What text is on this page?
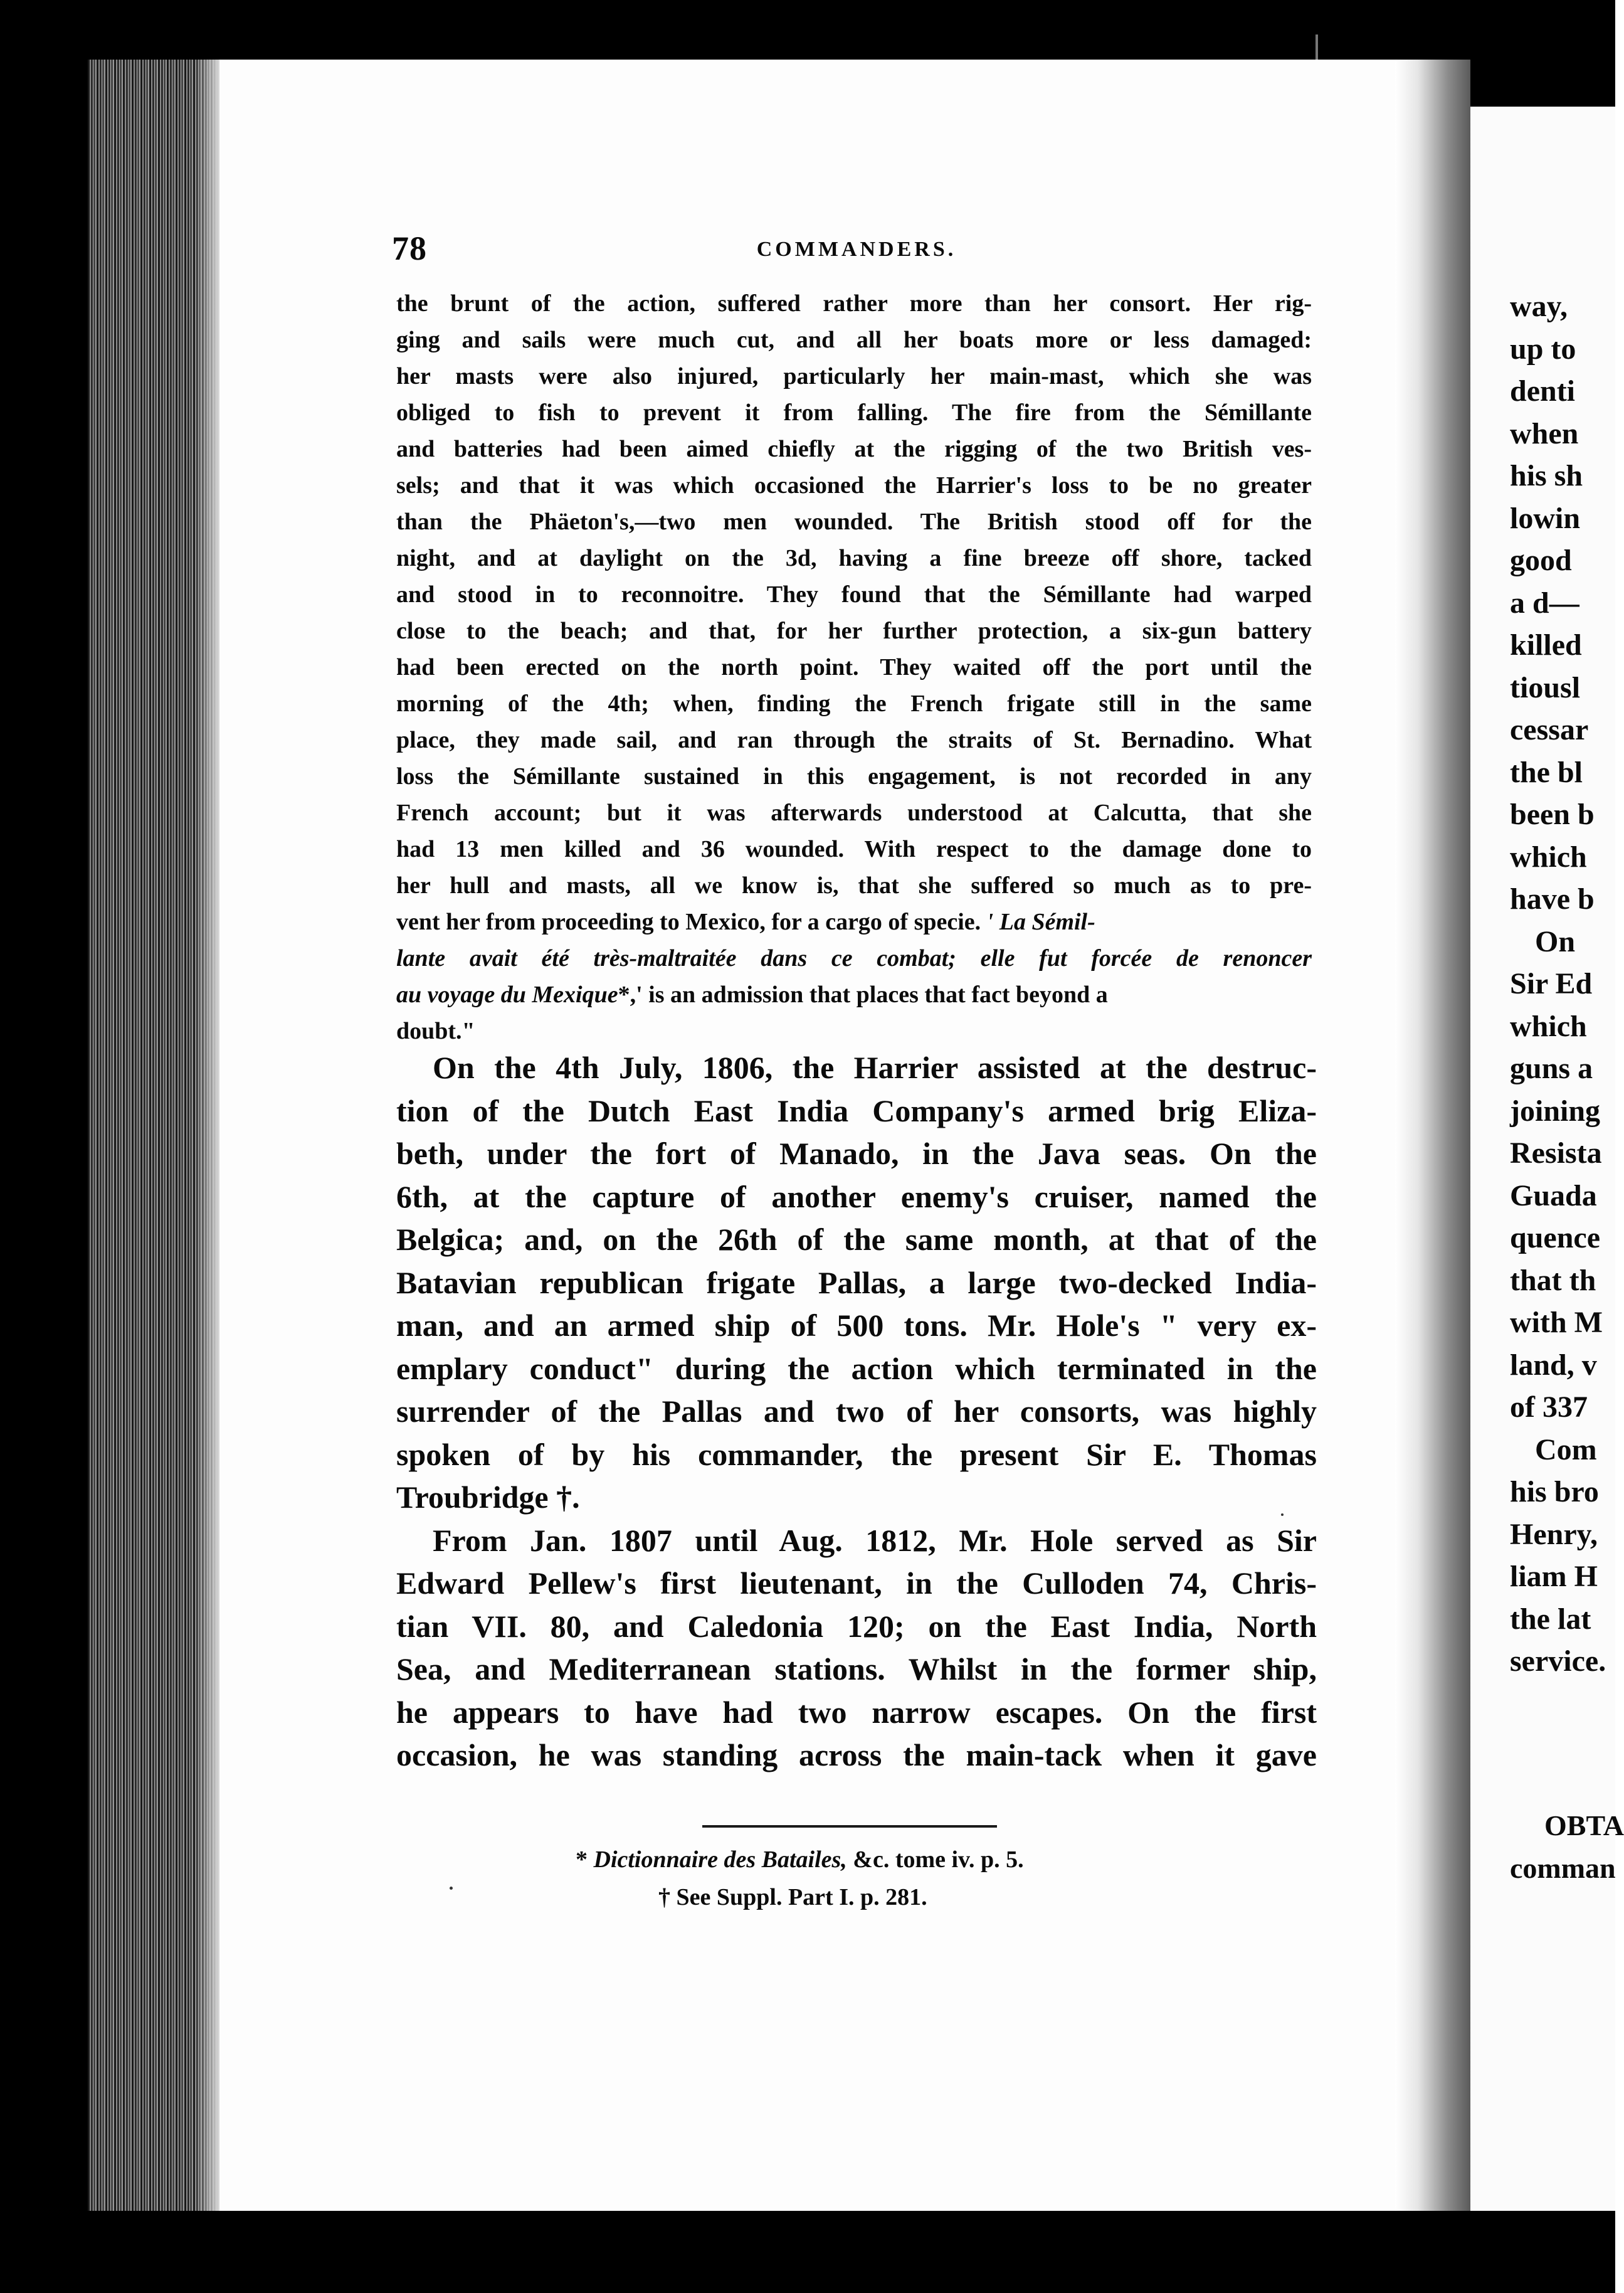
78	COMMANDERS.
the brunt of the action, suffered rather more than her consort. Her rig-
ging and sails were much cut, and all her boats more or less damaged:
her masts were also injured, particularly her main-mast, which she was
obliged to fish to prevent it from falling. The fire from the Sémillante
and batteries had been aimed chiefly at the rigging of the two British ves-
sels; and that it was which occasioned the Harrier's loss to be no greater
than the Phäeton's,—two men wounded. The British stood off for the
night, and at daylight on the 3d, having a fine breeze off shore, tacked
and stood in to reconnoitre. They found that the Sémillante had warped
close to the beach; and that, for her further protection, a six-gun battery
had been erected on the north point. They waited off the port until the
morning of the 4th; when, finding the French frigate still in the same
place, they made sail, and ran through the straits of St. Bernadino. What
loss the Sémillante sustained in this engagement, is not recorded in any
French account; but it was afterwards understood at Calcutta, that she
had 13 men killed and 36 wounded. With respect to the damage done to
her hull and masts, all we know is, that she suffered so much as to pre-
vent her from proceeding to Mexico, for a cargo of specie. ' La Sémil-
lante avait été très-maltraitée dans ce combat; elle fut forcée de renoncer
au voyage du Mexique*,' is an admission that places that fact beyond a
doubt."
On the 4th July, 1806, the Harrier assisted at the destruc-
tion of the Dutch East India Company's armed brig Eliza-
beth, under the fort of Manado, in the Java seas. On the
6th, at the capture of another enemy's cruiser, named the
Belgica; and, on the 26th of the same month, at that of the
Batavian republican frigate Pallas, a large two-decked India-
man, and an armed ship of 500 tons. Mr. Hole's " very ex-
emplary conduct" during the action which terminated in the
surrender of the Pallas and two of her consorts, was highly
spoken of by his commander, the present Sir E. Thomas
Troubridge †.
From Jan. 1807 until Aug. 1812, Mr. Hole served as Sir
Edward Pellew's first lieutenant, in the Culloden 74, Chris-
tian VII. 80, and Caledonia 120; on the East India, North
Sea, and Mediterranean stations. Whilst in the former ship,
he appears to have had two narrow escapes. On the first
occasion, he was standing across the main-tack when it gave
* Dictionnaire des Batailes, &c. tome iv. p. 5.
† See Suppl. Part I. p. 281.
way,
up to
denti
when
his sh
lowin
good
a d—
killed
tiousl
cessar
the bl
been b
which
have b
On
Sir Ed
which
guns a
joining
Resista
Guada
quence
that th
with M
land, v
of 337
Com
his bro
Henry,
liam H
the lat
service.
OBTA
comman
